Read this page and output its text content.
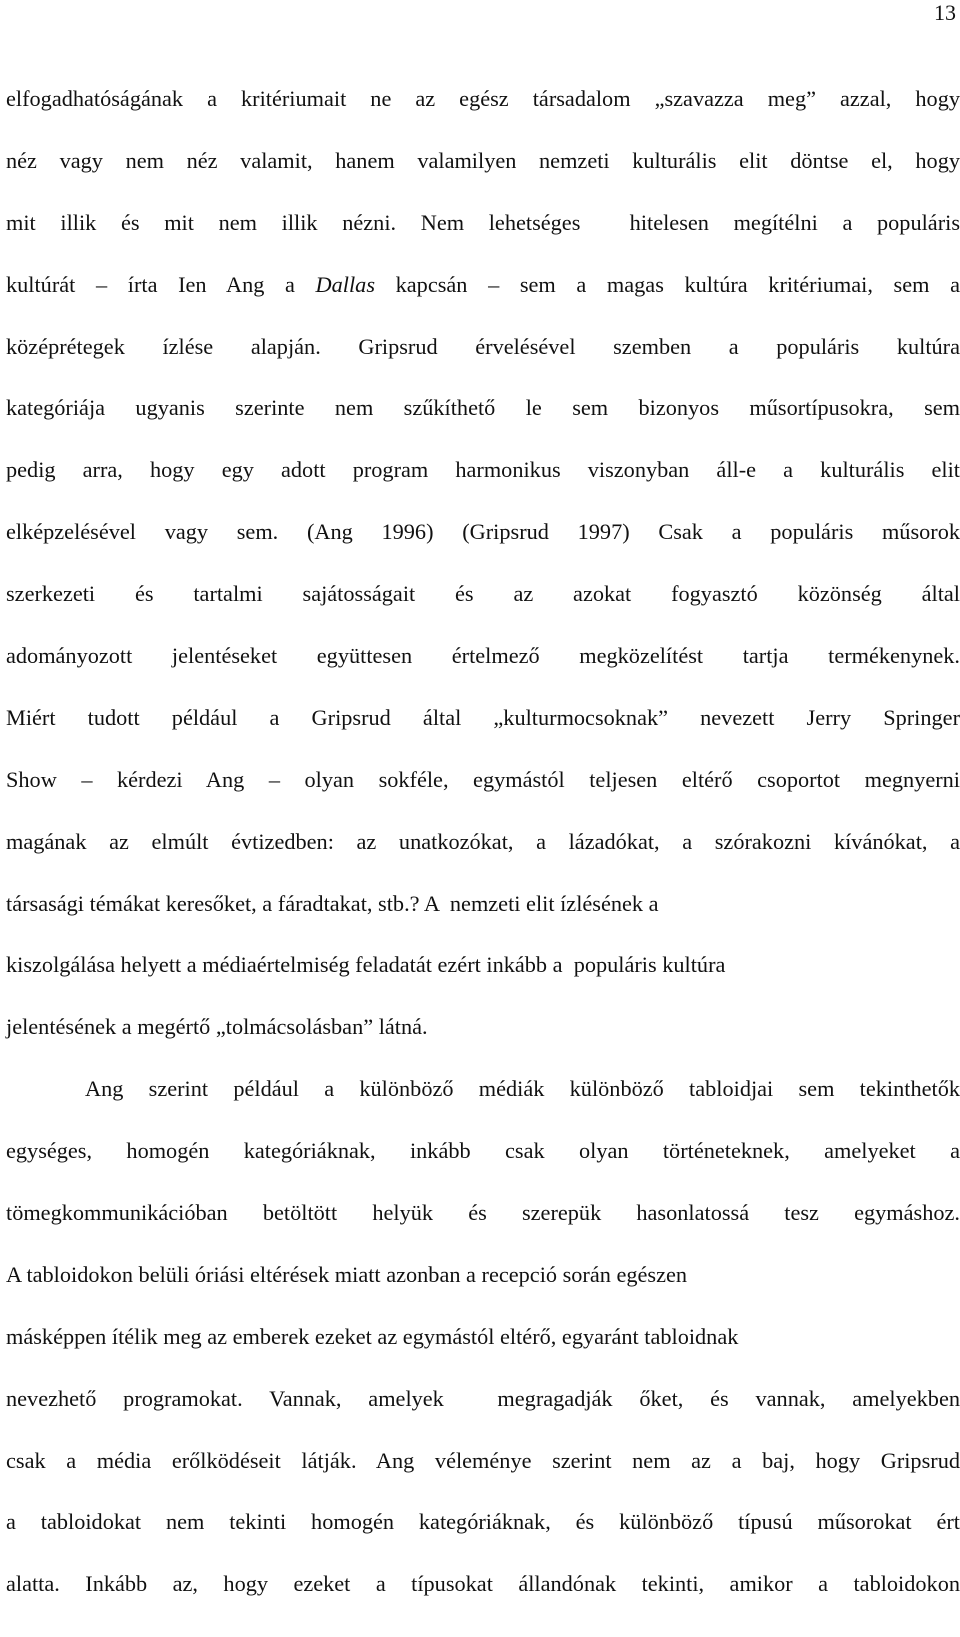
13
elfogadhatóságának a kritériumait ne az egész társadalom „szavazza meg” azzal, hogy
néz vagy nem néz valamit, hanem valamilyen nemzeti kulturális elit döntse el, hogy
mit illik és mit nem illik nézni. Nem lehetséges  hitelesen megítélni a populáris
kultúrát – írta Ien Ang a Dallas kapcsán – sem a magas kultúra kritériumai, sem a
középrétegek ízlése alapján. Gripsrud érvelésével szemben a populáris kultúra
kategóriája ugyanis szerinte nem szűkíthető le sem bizonyos műsortípusokra, sem
pedig arra, hogy egy adott program harmonikus viszonyban áll-e a kulturális elit
elképzelésével vagy sem. (Ang 1996) (Gripsrud 1997) Csak a populáris műsorok
szerkezeti és tartalmi sajátosságait és az azokat fogyasztó közönség által
adományozott jelentéseket együttesen értelmező megközelítést tartja termékenynek.
Miért tudott például a Gripsrud által „kulturmocsoknak” nevezett Jerry Springer
Show – kérdezi Ang – olyan sokféle, egymástól teljesen eltérő csoportot megnyerni
magának az elmúlt évtizedben: az unatkozókat, a lázadókat, a szórakozni kívánókat, a
társasági témákat keresőket, a fáradtakat, stb.? A  nemzeti elit ízlésének a
kiszolgálása helyett a médiaértelmiség feladatát ezért inkább a  populáris kultúra
jelentésének a megértő „tolmácsolásban” látná.
Ang szerint például a különböző médiák különböző tabloidjai sem tekinthetők
egységes, homogén kategóriáknak, inkább csak olyan történeteknek, amelyeket a
tömegkommunikációban betöltött helyük és szerepük hasonlatossá tesz egymáshoz.
A tabloidokon belüli óriási eltérések miatt azonban a recepció során egészen
másképpen ítélik meg az emberek ezeket az egymástól eltérő, egyaránt tabloidnak
nevezhető programokat. Vannak, amelyek  megragadják őket, és vannak, amelyekben
csak a média erőlködéseit látják. Ang véleménye szerint nem az a baj, hogy Gripsrud
a tabloidokat nem tekinti homogén kategóriáknak, és különböző típusú műsorokat ért
alatta. Inkább az, hogy ezeket a típusokat állandónak tekinti, amikor a tabloidokon
